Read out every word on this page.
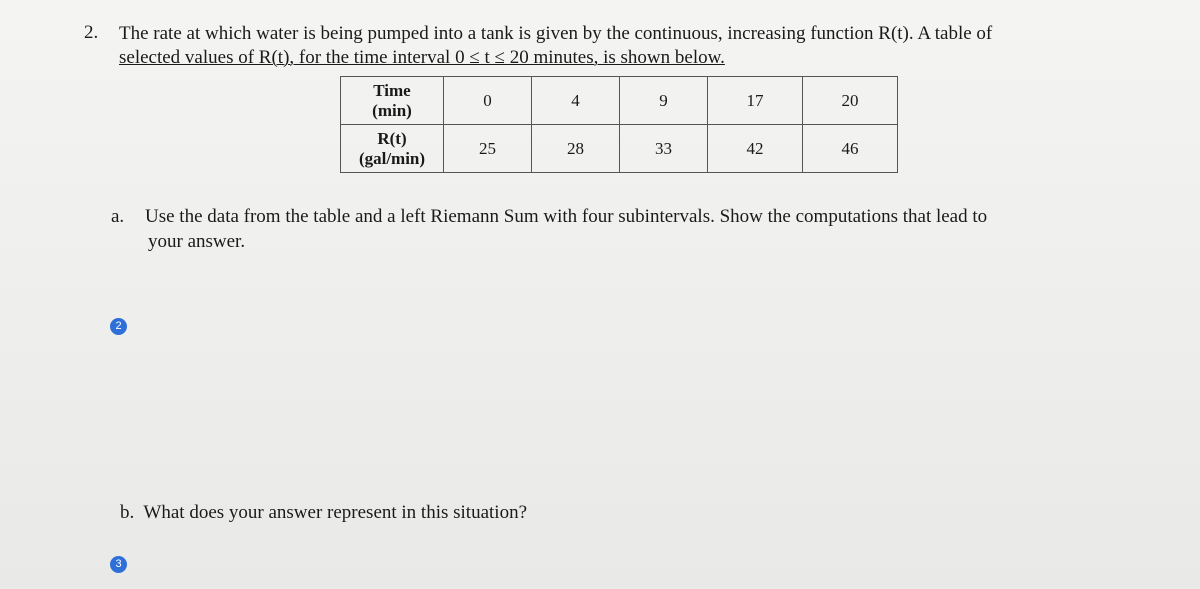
2. The rate at which water is being pumped into a tank is given by the continuous, increasing function R(t). A table of
selected values of R(t), for the time interval 0 ≤ t ≤ 20 minutes, is shown below.
Time
(min)	0	4	9	17	20

R(t)
(gal/min)	25	28	33	42	46
a. Use the data from the table and a left Riemann Sum with four subintervals. Show the computations that lead to
your answer.
2
b. What does your answer represent in this situation?
3
